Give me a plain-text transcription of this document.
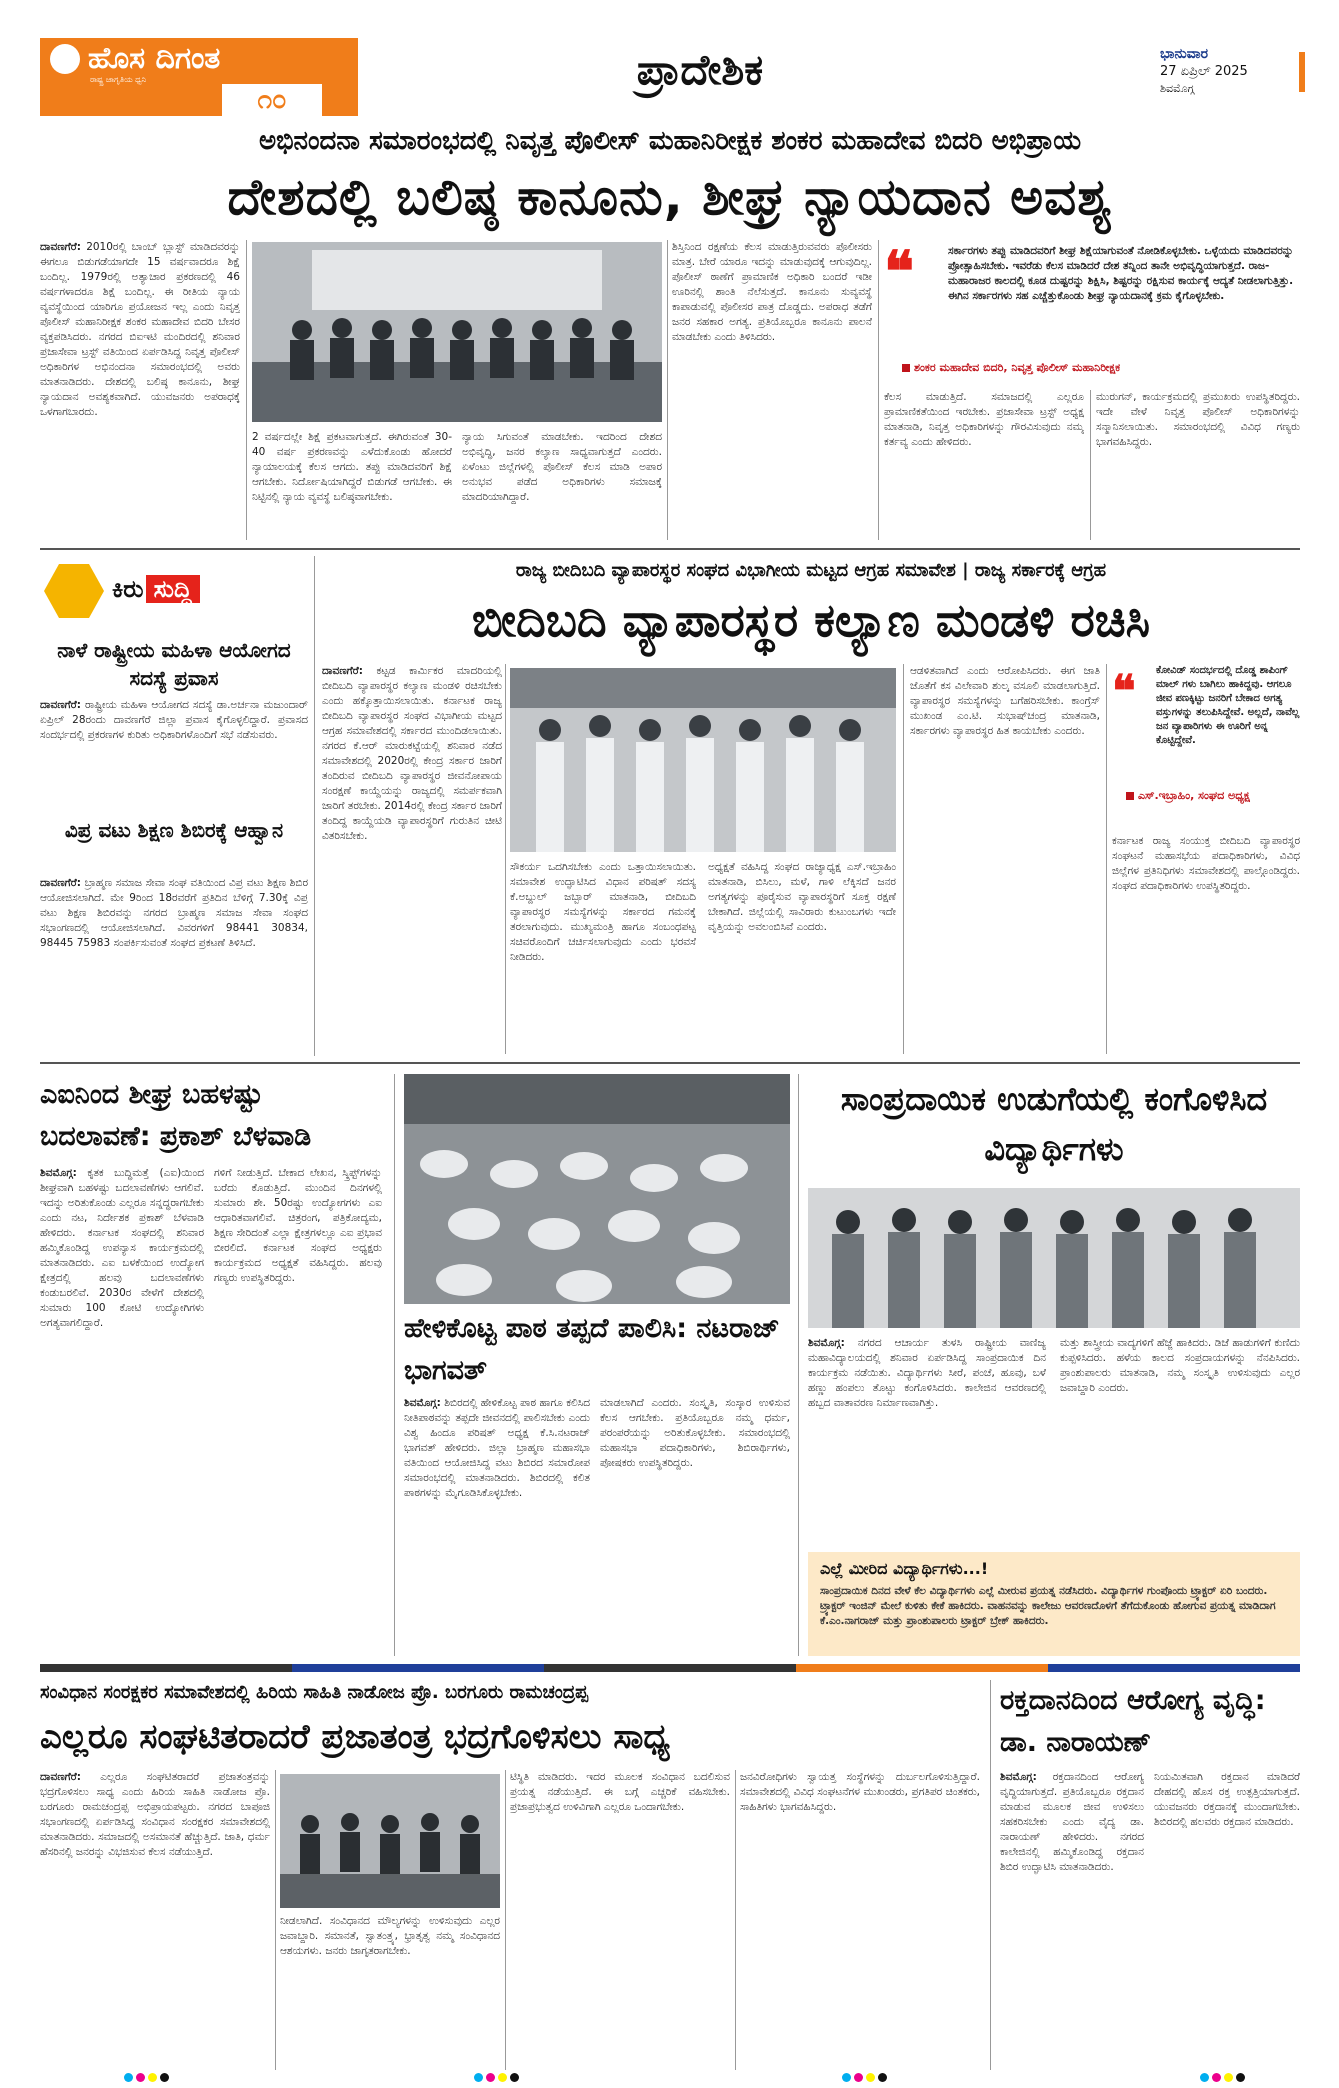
ಹೊಸ ದಿಗಂತ
ರಾಷ್ಟ್ರ ಜಾಗೃತಿಯ ಧ್ವನಿ
೧೦
ಪ್ರಾದೇಶಿಕ	ಭಾನುವಾರ
27 ಏಪ್ರಿಲ್ 2025
ಶಿವಮೊಗ್ಗ
ಅಭಿನಂದನಾ ಸಮಾರಂಭದಲ್ಲಿ ನಿವೃತ್ತ ಪೊಲೀಸ್ ಮಹಾನಿರೀಕ್ಷಕ ಶಂಕರ ಮಹಾದೇವ ಬಿದರಿ ಅಭಿಪ್ರಾಯ
ದೇಶದಲ್ಲಿ ಬಲಿಷ್ಠ ಕಾನೂನು, ಶೀಘ್ರ ನ್ಯಾಯದಾನ ಅವಶ್ಯ
ದಾವಣಗೆರೆ: 2010ರಲ್ಲಿ ಬಾಂಬ್ ಬ್ಲಾಸ್ಟ್ ಮಾಡಿದವರನ್ನು ಈಗಲೂ ಬಿಡುಗಡೆಯಾಗದೇ 15 ವರ್ಷವಾದರೂ ಶಿಕ್ಷೆ ಬಂದಿಲ್ಲ. 1979ರಲ್ಲಿ ಅತ್ಯಾಚಾರ ಪ್ರಕರಣದಲ್ಲಿ 46 ವರ್ಷಗಳಾದರೂ ಶಿಕ್ಷೆ ಬಂದಿಲ್ಲ. ಈ ರೀತಿಯ ನ್ಯಾಯ ವ್ಯವಸ್ಥೆಯಿಂದ ಯಾರಿಗೂ ಪ್ರಯೋಜನ ಇಲ್ಲ ಎಂದು ನಿವೃತ್ತ ಪೊಲೀಸ್ ಮಹಾನಿರೀಕ್ಷಕ ಶಂಕರ ಮಹಾದೇವ ಬಿದರಿ ಬೇಸರ ವ್ಯಕ್ತಪಡಿಸಿದರು. ನಗರದ ಬಿಐಇಟಿ ಮಂದಿರದಲ್ಲಿ ಶನಿವಾರ ಪ್ರಜಾಸೇವಾ ಟ್ರಸ್ಟ್ ವತಿಯಿಂದ ಏರ್ಪಡಿಸಿದ್ದ ನಿವೃತ್ತ ಪೊಲೀಸ್ ಅಧಿಕಾರಿಗಳ ಅಭಿನಂದನಾ ಸಮಾರಂಭದಲ್ಲಿ ಅವರು ಮಾತನಾಡಿದರು. ದೇಶದಲ್ಲಿ ಬಲಿಷ್ಠ ಕಾನೂನು, ಶೀಘ್ರ ನ್ಯಾಯದಾನ ಅವಶ್ಯಕವಾಗಿದೆ. ಯುವಜನರು ಅಪರಾಧಕ್ಕೆ ಒಳಗಾಗಬಾರದು.
2 ವರ್ಷದಲ್ಲೇ ಶಿಕ್ಷೆ ಪ್ರಕಟವಾಗುತ್ತದೆ. ಈಗಿರುವಂತೆ 30-40 ವರ್ಷ ಪ್ರಕರಣವನ್ನು ಎಳೆದುಕೊಂಡು ಹೋದರೆ ನ್ಯಾಯಾಲಯಕ್ಕೆ ಕೆಲಸ ಆಗದು. ತಪ್ಪು ಮಾಡಿದವರಿಗೆ ಶಿಕ್ಷೆ ಆಗಬೇಕು. ನಿರ್ದೋಷಿಯಾಗಿದ್ದರೆ ಬಿಡುಗಡೆ ಆಗಬೇಕು. ಈ ನಿಟ್ಟಿನಲ್ಲಿ ನ್ಯಾಯ ವ್ಯವಸ್ಥೆ ಬಲಿಷ್ಠವಾಗಬೇಕು.
ನ್ಯಾಯ ಸಿಗುವಂತೆ ಮಾಡಬೇಕು. ಇದರಿಂದ ದೇಶದ ಅಭಿವೃದ್ಧಿ, ಜನರ ಕಲ್ಯಾಣ ಸಾಧ್ಯವಾಗುತ್ತದೆ ಎಂದರು. ಏಳೆಂಟು ಜಿಲ್ಲೆಗಳಲ್ಲಿ ಪೊಲೀಸ್ ಕೆಲಸ ಮಾಡಿ ಅಪಾರ ಅನುಭವ ಪಡೆದ ಅಧಿಕಾರಿಗಳು ಸಮಾಜಕ್ಕೆ ಮಾದರಿಯಾಗಿದ್ದಾರೆ.
ಶಿಸ್ತಿನಿಂದ ರಕ್ಷಣೆಯ ಕೆಲಸ ಮಾಡುತ್ತಿರುವವರು ಪೊಲೀಸರು ಮಾತ್ರ. ಬೇರೆ ಯಾರೂ ಇದನ್ನು ಮಾಡುವುದಕ್ಕೆ ಆಗುವುದಿಲ್ಲ. ಪೊಲೀಸ್ ಠಾಣೆಗೆ ಪ್ರಾಮಾಣಿಕ ಅಧಿಕಾರಿ ಬಂದರೆ ಇಡೀ ಊರಿನಲ್ಲಿ ಶಾಂತಿ ನೆಲೆಸುತ್ತದೆ. ಕಾನೂನು ಸುವ್ಯವಸ್ಥೆ ಕಾಪಾಡುವಲ್ಲಿ ಪೊಲೀಸರ ಪಾತ್ರ ದೊಡ್ಡದು. ಅಪರಾಧ ತಡೆಗೆ ಜನರ ಸಹಕಾರ ಅಗತ್ಯ. ಪ್ರತಿಯೊಬ್ಬರೂ ಕಾನೂನು ಪಾಲನೆ ಮಾಡಬೇಕು ಎಂದು ತಿಳಿಸಿದರು.
❝	ಸರ್ಕಾರಗಳು ತಪ್ಪು ಮಾಡಿದವರಿಗೆ ಶೀಘ್ರ ಶಿಕ್ಷೆಯಾಗುವಂತೆ ನೋಡಿಕೊಳ್ಳಬೇಕು. ಒಳ್ಳೆಯದು ಮಾಡಿದವರನ್ನು ಪ್ರೋತ್ಸಾಹಿಸಬೇಕು. ಇವರೆಡು ಕೆಲಸ ಮಾಡಿದರೆ ದೇಶ ತನ್ನಿಂದ ತಾನೇ ಅಭಿವೃದ್ಧಿಯಾಗುತ್ತದೆ. ರಾಜ-ಮಹಾರಾಜರ ಕಾಲದಲ್ಲಿ ಕೂಡ ದುಷ್ಟರನ್ನು ಶಿಕ್ಷಿಸಿ, ಶಿಷ್ಟರನ್ನು ರಕ್ಷಿಸುವ ಕಾರ್ಯಕ್ಕೆ ಆದ್ಯತೆ ನೀಡಲಾಗುತ್ತಿತ್ತು. ಈಗಿನ ಸರ್ಕಾರಗಳು ಸಹ ಎಚ್ಚೆತ್ತುಕೊಂಡು ಶೀಘ್ರ ನ್ಯಾಯದಾನಕ್ಕೆ ಕ್ರಮ ಕೈಗೊಳ್ಳಬೇಕು.
ಶಂಕರ ಮಹಾದೇವ ಬಿದರಿ, ನಿವೃತ್ತ ಪೊಲೀಸ್ ಮಹಾನಿರೀಕ್ಷಕ
ಕೆಲಸ ಮಾಡುತ್ತಿದೆ. ಸಮಾಜದಲ್ಲಿ ಎಲ್ಲರೂ ಪ್ರಾಮಾಣಿಕತೆಯಿಂದ ಇರಬೇಕು. ಪ್ರಜಾಸೇವಾ ಟ್ರಸ್ಟ್ ಅಧ್ಯಕ್ಷ ಮಾತನಾಡಿ, ನಿವೃತ್ತ ಅಧಿಕಾರಿಗಳನ್ನು ಗೌರವಿಸುವುದು ನಮ್ಮ ಕರ್ತವ್ಯ ಎಂದು ಹೇಳಿದರು.
ಮುರುಗನ್, ಕಾರ್ಯಕ್ರಮದಲ್ಲಿ ಪ್ರಮುಖರು ಉಪಸ್ಥಿತರಿದ್ದರು. ಇದೇ ವೇಳೆ ನಿವೃತ್ತ ಪೊಲೀಸ್ ಅಧಿಕಾರಿಗಳನ್ನು ಸನ್ಮಾನಿಸಲಾಯಿತು. ಸಮಾರಂಭದಲ್ಲಿ ವಿವಿಧ ಗಣ್ಯರು ಭಾಗವಹಿಸಿದ್ದರು.
ಕಿರು ಸುದ್ದಿ
ನಾಳೆ ರಾಷ್ಟ್ರೀಯ ಮಹಿಳಾ ಆಯೋಗದ ಸದಸ್ಯೆ ಪ್ರವಾಸ
ದಾವಣಗೆರೆ: ರಾಷ್ಟ್ರೀಯ ಮಹಿಳಾ ಆಯೋಗದ ಸದಸ್ಯೆ ಡಾ.ಅರ್ಚನಾ ಮಜುಂದಾರ್ ಏಪ್ರಿಲ್ 28ರಂದು ದಾವಣಗೆರೆ ಜಿಲ್ಲಾ ಪ್ರವಾಸ ಕೈಗೊಳ್ಳಲಿದ್ದಾರೆ. ಪ್ರವಾಸದ ಸಂದರ್ಭದಲ್ಲಿ ಪ್ರಕರಣಗಳ ಕುರಿತು ಅಧಿಕಾರಿಗಳೊಂದಿಗೆ ಸಭೆ ನಡೆಸುವರು.
ವಿಪ್ರ ವಟು ಶಿಕ್ಷಣ ಶಿಬಿರಕ್ಕೆ ಆಹ್ವಾನ
ದಾವಣಗೆರೆ: ಬ್ರಾಹ್ಮಣ ಸಮಾಜ ಸೇವಾ ಸಂಘ ವತಿಯಿಂದ ವಿಪ್ರ ವಟು ಶಿಕ್ಷಣ ಶಿಬಿರ ಆಯೋಜಿಸಲಾಗಿದೆ. ಮೇ 9ರಿಂದ 18ರವರೆಗೆ ಪ್ರತಿದಿನ ಬೆಳಿಗ್ಗೆ 7.30ಕ್ಕೆ ವಿಪ್ರ ವಟು ಶಿಕ್ಷಣ ಶಿಬಿರವನ್ನು ನಗರದ ಬ್ರಾಹ್ಮಣ ಸಮಾಜ ಸೇವಾ ಸಂಘದ ಸಭಾಂಗಣದಲ್ಲಿ ಆಯೋಜಿಸಲಾಗಿದೆ. ವಿವರಗಳಿಗೆ 98441 30834, 98445 75983 ಸಂಪರ್ಕಿಸುವಂತೆ ಸಂಘದ ಪ್ರಕಟಣೆ ತಿಳಿಸಿದೆ.
ರಾಜ್ಯ ಬೀದಿಬದಿ ವ್ಯಾಪಾರಸ್ಥರ ಸಂಘದ ವಿಭಾಗೀಯ ಮಟ್ಟದ ಆಗ್ರಹ ಸಮಾವೇಶ | ರಾಜ್ಯ ಸರ್ಕಾರಕ್ಕೆ ಆಗ್ರಹ
ಬೀದಿಬದಿ ವ್ಯಾಪಾರಸ್ಥರ ಕಲ್ಯಾಣ ಮಂಡಳಿ ರಚಿಸಿ
ದಾವಣಗೆರೆ: ಕಟ್ಟಡ ಕಾರ್ಮಿಕರ ಮಾದರಿಯಲ್ಲಿ ಬೀದಿಬದಿ ವ್ಯಾಪಾರಸ್ಥರ ಕಲ್ಯಾಣ ಮಂಡಳಿ ರಚಿಸಬೇಕು ಎಂದು ಹಕ್ಕೊತ್ತಾಯಿಸಲಾಯಿತು. ಕರ್ನಾಟಕ ರಾಜ್ಯ ಬೀದಿಬದಿ ವ್ಯಾಪಾರಸ್ಥರ ಸಂಘದ ವಿಭಾಗೀಯ ಮಟ್ಟದ ಆಗ್ರಹ ಸಮಾವೇಶದಲ್ಲಿ ಸರ್ಕಾರದ ಮುಂದಿಡಲಾಯಿತು. ನಗರದ ಕೆ.ಆರ್ ಮಾರುಕಟ್ಟೆಯಲ್ಲಿ ಶನಿವಾರ ನಡೆದ ಸಮಾವೇಶದಲ್ಲಿ 2020ರಲ್ಲಿ ಕೇಂದ್ರ ಸರ್ಕಾರ ಜಾರಿಗೆ ತಂದಿರುವ ಬೀದಿಬದಿ ವ್ಯಾಪಾರಸ್ಥರ ಜೀವನೋಪಾಯ ಸಂರಕ್ಷಣೆ ಕಾಯ್ದೆಯನ್ನು ರಾಜ್ಯದಲ್ಲಿ ಸಮರ್ಪಕವಾಗಿ ಜಾರಿಗೆ ತರಬೇಕು. 2014ರಲ್ಲಿ ಕೇಂದ್ರ ಸರ್ಕಾರ ಜಾರಿಗೆ ತಂದಿದ್ದ ಕಾಯ್ದೆಯಡಿ ವ್ಯಾಪಾರಸ್ಥರಿಗೆ ಗುರುತಿನ ಚೀಟಿ ವಿತರಿಸಬೇಕು.
ಸೌಕರ್ಯ ಒದಗಿಸಬೇಕು ಎಂದು ಒತ್ತಾಯಿಸಲಾಯಿತು. ಸಮಾವೇಶ ಉದ್ಘಾಟಿಸಿದ ವಿಧಾನ ಪರಿಷತ್ ಸದಸ್ಯ ಕೆ.ಅಬ್ದುಲ್ ಜಬ್ಬಾರ್ ಮಾತನಾಡಿ, ಬೀದಿಬದಿ ವ್ಯಾಪಾರಸ್ಥರ ಸಮಸ್ಯೆಗಳನ್ನು ಸರ್ಕಾರದ ಗಮನಕ್ಕೆ ತರಲಾಗುವುದು. ಮುಖ್ಯಮಂತ್ರಿ ಹಾಗೂ ಸಂಬಂಧಪಟ್ಟ ಸಚಿವರೊಂದಿಗೆ ಚರ್ಚಿಸಲಾಗುವುದು ಎಂದು ಭರವಸೆ ನೀಡಿದರು.
ಅಧ್ಯಕ್ಷತೆ ವಹಿಸಿದ್ದ ಸಂಘದ ರಾಜ್ಯಾಧ್ಯಕ್ಷ ಎಸ್.ಇಬ್ರಾಹಿಂ ಮಾತನಾಡಿ, ಬಿಸಿಲು, ಮಳೆ, ಗಾಳಿ ಲೆಕ್ಕಿಸದೆ ಜನರ ಅಗತ್ಯಗಳನ್ನು ಪೂರೈಸುವ ವ್ಯಾಪಾರಸ್ಥರಿಗೆ ಸೂಕ್ತ ರಕ್ಷಣೆ ಬೇಕಾಗಿದೆ. ಜಿಲ್ಲೆಯಲ್ಲಿ ಸಾವಿರಾರು ಕುಟುಂಬಗಳು ಇದೇ ವೃತ್ತಿಯನ್ನು ಅವಲಂಬಿಸಿವೆ ಎಂದರು.
ಆಡಳಿತವಾಗಿದೆ ಎಂದು ಆರೋಪಿಸಿದರು. ಈಗ ಜಾತಿ ಜೊತೆಗೆ ಕಸ ವಿಲೇವಾರಿ ಶುಲ್ಕ ವಸೂಲಿ ಮಾಡಲಾಗುತ್ತಿದೆ. ವ್ಯಾಪಾರಸ್ಥರ ಸಮಸ್ಯೆಗಳನ್ನು ಬಗೆಹರಿಸಬೇಕು. ಕಾಂಗ್ರೆಸ್ ಮುಖಂಡ ಎಂ.ಟಿ. ಸುಭಾಷ್‌ಚಂದ್ರ ಮಾತನಾಡಿ, ಸರ್ಕಾರಗಳು ವ್ಯಾಪಾರಸ್ಥರ ಹಿತ ಕಾಯಬೇಕು ಎಂದರು.
❝ ಕೋವಿಡ್ ಸಂದರ್ಭದಲ್ಲಿ ದೊಡ್ಡ ಶಾಪಿಂಗ್ ಮಾಲ್ ಗಳು ಬಾಗಿಲು ಹಾಕಿದ್ದವು. ಆಗಲೂ ಜೀವ ಪಣಕ್ಕಿಟ್ಟು ಜನರಿಗೆ ಬೇಕಾದ ಅಗತ್ಯ ವಸ್ತುಗಳನ್ನು ತಲುಪಿಸಿದ್ದೇವೆ. ಅಲ್ಲದೆ, ನಾವೆಲ್ಲ ಜನ ವ್ಯಾಪಾರಿಗಳು ಈ ಊರಿಗೆ ಅನ್ನ ಕೊಟ್ಟಿದ್ದೇವೆ.
ಎಸ್.ಇಬ್ರಾಹಿಂ, ಸಂಘದ ಅಧ್ಯಕ್ಷ
ಕರ್ನಾಟಕ ರಾಜ್ಯ ಸಂಯುಕ್ತ ಬೀದಿಬದಿ ವ್ಯಾಪಾರಸ್ಥರ ಸಂಘಟನೆ ಮಹಾಸಭೆಯ ಪದಾಧಿಕಾರಿಗಳು, ವಿವಿಧ ಜಿಲ್ಲೆಗಳ ಪ್ರತಿನಿಧಿಗಳು ಸಮಾವೇಶದಲ್ಲಿ ಪಾಲ್ಗೊಂಡಿದ್ದರು. ಸಂಘದ ಪದಾಧಿಕಾರಿಗಳು ಉಪಸ್ಥಿತರಿದ್ದರು.
ಎಐನಿಂದ ಶೀಘ್ರ ಬಹಳಷ್ಟು ಬದಲಾವಣೆ: ಪ್ರಕಾಶ್ ಬೆಳವಾಡಿ
ಶಿವಮೊಗ್ಗ: ಕೃತಕ ಬುದ್ಧಿಮತ್ತೆ (ಎಐ)ಯಿಂದ ಶೀಘ್ರವಾಗಿ ಬಹಳಷ್ಟು ಬದಲಾವಣೆಗಳು ಆಗಲಿವೆ. ಇದನ್ನು ಅರಿತುಕೊಂಡು ಎಲ್ಲರೂ ಸನ್ನದ್ಧರಾಗಬೇಕು ಎಂದು ನಟ, ನಿರ್ದೇಶಕ ಪ್ರಕಾಶ್ ಬೆಳವಾಡಿ ಹೇಳಿದರು. ಕರ್ನಾಟಕ ಸಂಘದಲ್ಲಿ ಶನಿವಾರ ಹಮ್ಮಿಕೊಂಡಿದ್ದ ಉಪನ್ಯಾಸ ಕಾರ್ಯಕ್ರಮದಲ್ಲಿ ಮಾತನಾಡಿದರು. ಎಐ ಬಳಕೆಯಿಂದ ಉದ್ಯೋಗ ಕ್ಷೇತ್ರದಲ್ಲಿ ಹಲವು ಬದಲಾವಣೆಗಳು ಕಂಡುಬರಲಿವೆ. 2030ರ ವೇಳೆಗೆ ದೇಶದಲ್ಲಿ ಸುಮಾರು 100 ಕೋಟಿ ಉದ್ಯೋಗಿಗಳು ಅಗತ್ಯವಾಗಲಿದ್ದಾರೆ.
ಗಳಿಗೆ ನೀಡುತ್ತಿದೆ. ಬೇಕಾದ ಲೇಖನ, ಸ್ಕ್ರಿಪ್ಟ್‌ಗಳನ್ನು ಬರೆದು ಕೊಡುತ್ತಿದೆ. ಮುಂದಿನ ದಿನಗಳಲ್ಲಿ ಸುಮಾರು ಶೇ. 50ರಷ್ಟು ಉದ್ಯೋಗಗಳು ಎಐ ಆಧಾರಿತವಾಗಲಿವೆ. ಚಿತ್ರರಂಗ, ಪತ್ರಿಕೋದ್ಯಮ, ಶಿಕ್ಷಣ ಸೇರಿದಂತೆ ಎಲ್ಲಾ ಕ್ಷೇತ್ರಗಳಲ್ಲೂ ಎಐ ಪ್ರಭಾವ ಬೀರಲಿದೆ. ಕರ್ನಾಟಕ ಸಂಘದ ಅಧ್ಯಕ್ಷರು ಕಾರ್ಯಕ್ರಮದ ಅಧ್ಯಕ್ಷತೆ ವಹಿಸಿದ್ದರು. ಹಲವು ಗಣ್ಯರು ಉಪಸ್ಥಿತರಿದ್ದರು.
ಹೇಳಿಕೊಟ್ಟ ಪಾಠ ತಪ್ಪದೆ ಪಾಲಿಸಿ: ನಟರಾಜ್ ಭಾಗವತ್
ಶಿವಮೊಗ್ಗ: ಶಿಬಿರದಲ್ಲಿ ಹೇಳಿಕೊಟ್ಟ ಪಾಠ ಹಾಗೂ ಕಲಿಸಿದ ನೀತಿಪಾಠವನ್ನು ತಪ್ಪದೇ ಜೀವನದಲ್ಲಿ ಪಾಲಿಸಬೇಕು ಎಂದು ವಿಶ್ವ ಹಿಂದೂ ಪರಿಷತ್ ಅಧ್ಯಕ್ಷ ಕೆ.ಸಿ.ನಟರಾಜ್ ಭಾಗವತ್ ಹೇಳಿದರು. ಜಿಲ್ಲಾ ಬ್ರಾಹ್ಮಣ ಮಹಾಸಭಾ ವತಿಯಿಂದ ಆಯೋಜಿಸಿದ್ದ ವಟು ಶಿಬಿರದ ಸಮಾರೋಪ ಸಮಾರಂಭದಲ್ಲಿ ಮಾತನಾಡಿದರು. ಶಿಬಿರದಲ್ಲಿ ಕಲಿತ ಪಾಠಗಳನ್ನು ಮೈಗೂಡಿಸಿಕೊಳ್ಳಬೇಕು.
ಮಾಡಲಾಗಿದೆ ಎಂದರು. ಸಂಸ್ಕೃತಿ, ಸಂಸ್ಕಾರ ಉಳಿಸುವ ಕೆಲಸ ಆಗಬೇಕು. ಪ್ರತಿಯೊಬ್ಬರೂ ನಮ್ಮ ಧರ್ಮ, ಪರಂಪರೆಯನ್ನು ಅರಿತುಕೊಳ್ಳಬೇಕು. ಸಮಾರಂಭದಲ್ಲಿ ಮಹಾಸಭಾ ಪದಾಧಿಕಾರಿಗಳು, ಶಿಬಿರಾರ್ಥಿಗಳು, ಪೋಷಕರು ಉಪಸ್ಥಿತರಿದ್ದರು.
ಸಾಂಪ್ರದಾಯಿಕ ಉಡುಗೆಯಲ್ಲಿ ಕಂಗೊಳಿಸಿದ ವಿದ್ಯಾರ್ಥಿಗಳು
ಶಿವಮೊಗ್ಗ: ನಗರದ ಆಚಾರ್ಯ ತುಳಸಿ ರಾಷ್ಟ್ರೀಯ ವಾಣಿಜ್ಯ ಮಹಾವಿದ್ಯಾಲಯದಲ್ಲಿ ಶನಿವಾರ ಏರ್ಪಡಿಸಿದ್ದ ಸಾಂಪ್ರದಾಯಿಕ ದಿನ ಕಾರ್ಯಕ್ರಮ ನಡೆಯಿತು. ವಿದ್ಯಾರ್ಥಿಗಳು ಸೀರೆ, ಪಂಚೆ, ಹೂವು, ಬಳೆ ಹಣ್ಣು ಹಂಪಲು ತೊಟ್ಟು ಕಂಗೊಳಿಸಿದರು. ಕಾಲೇಜಿನ ಆವರಣದಲ್ಲಿ ಹಬ್ಬದ ವಾತಾವರಣ ನಿರ್ಮಾಣವಾಗಿತ್ತು.
ಮತ್ತು ಶಾಸ್ತ್ರೀಯ ವಾದ್ಯಗಳಿಗೆ ಹೆಜ್ಜೆ ಹಾಕಿದರು. ಡಿಜೆ ಹಾಡುಗಳಿಗೆ ಕುಣಿದು ಕುಪ್ಪಳಿಸಿದರು. ಹಳೆಯ ಕಾಲದ ಸಂಪ್ರದಾಯಗಳನ್ನು ನೆನಪಿಸಿದರು. ಪ್ರಾಂಶುಪಾಲರು ಮಾತನಾಡಿ, ನಮ್ಮ ಸಂಸ್ಕೃತಿ ಉಳಿಸುವುದು ಎಲ್ಲರ ಜವಾಬ್ದಾರಿ ಎಂದರು.
ಎಲ್ಲೆ ಮೀರಿದ ವಿದ್ಯಾರ್ಥಿಗಳು...!
ಸಾಂಪ್ರದಾಯಿಕ ದಿನದ ವೇಳೆ ಕೆಲ ವಿದ್ಯಾರ್ಥಿಗಳು ಎಲ್ಲೆ ಮೀರುವ ಪ್ರಯತ್ನ ನಡೆಸಿದರು. ವಿದ್ಯಾರ್ಥಿಗಳ ಗುಂಪೊಂದು ಟ್ರ್ಯಾಕ್ಟರ್ ಏರಿ ಬಂದರು. ಟ್ರ್ಯಾಕ್ಟರ್ ಇಂಜಿನ್ ಮೇಲೆ ಕುಳಿತು ಕೇಕೆ ಹಾಕಿದರು. ವಾಹನವನ್ನು ಕಾಲೇಜು ಆವರಣದೊಳಗೆ ತೆಗೆದುಕೊಂಡು ಹೋಗುವ ಪ್ರಯತ್ನ ಮಾಡಿದಾಗ ಕೆ.ಎಂ.ನಾಗರಾಜ್ ಮತ್ತು ಪ್ರಾಂಶುಪಾಲರು ಟ್ರಾಕ್ಟರ್ ಬ್ರೇಕ್ ಹಾಕಿದರು.
ಸಂವಿಧಾನ ಸಂರಕ್ಷಕರ ಸಮಾವೇಶದಲ್ಲಿ ಹಿರಿಯ ಸಾಹಿತಿ ನಾಡೋಜ ಪ್ರೊ. ಬರಗೂರು ರಾಮಚಂದ್ರಪ್ಪ
ಎಲ್ಲರೂ ಸಂಘಟಿತರಾದರೆ ಪ್ರಜಾತಂತ್ರ ಭದ್ರಗೊಳಿಸಲು ಸಾಧ್ಯ
ದಾವಣಗೆರೆ: ಎಲ್ಲರೂ ಸಂಘಟಿತರಾದರೆ ಪ್ರಜಾತಂತ್ರವನ್ನು ಭದ್ರಗೊಳಿಸಲು ಸಾಧ್ಯ ಎಂದು ಹಿರಿಯ ಸಾಹಿತಿ ನಾಡೋಜ ಪ್ರೊ. ಬರಗೂರು ರಾಮಚಂದ್ರಪ್ಪ ಅಭಿಪ್ರಾಯಪಟ್ಟರು. ನಗರದ ಬಾಪೂಜಿ ಸಭಾಂಗಣದಲ್ಲಿ ಏರ್ಪಡಿಸಿದ್ದ ಸಂವಿಧಾನ ಸಂರಕ್ಷಕರ ಸಮಾವೇಶದಲ್ಲಿ ಮಾತನಾಡಿದರು. ಸಮಾಜದಲ್ಲಿ ಅಸಮಾನತೆ ಹೆಚ್ಚುತ್ತಿದೆ. ಜಾತಿ, ಧರ್ಮ ಹೆಸರಿನಲ್ಲಿ ಜನರನ್ನು ವಿಭಜಿಸುವ ಕೆಲಸ ನಡೆಯುತ್ತಿದೆ.
ನೀಡಲಾಗಿದೆ. ಸಂವಿಧಾನದ ಮೌಲ್ಯಗಳನ್ನು ಉಳಿಸುವುದು ಎಲ್ಲರ ಜವಾಬ್ದಾರಿ. ಸಮಾನತೆ, ಸ್ವಾತಂತ್ರ್ಯ, ಭ್ರಾತೃತ್ವ ನಮ್ಮ ಸಂವಿಧಾನದ ಆಶಯಗಳು. ಜನರು ಜಾಗೃತರಾಗಬೇಕು.
ಟಿಸ್ಥಿತಿ ಮಾಡಿದರು. ಇದರ ಮೂಲಕ ಸಂವಿಧಾನ ಬದಲಿಸುವ ಪ್ರಯತ್ನ ನಡೆಯುತ್ತಿದೆ. ಈ ಬಗ್ಗೆ ಎಚ್ಚರಿಕೆ ವಹಿಸಬೇಕು. ಪ್ರಜಾಪ್ರಭುತ್ವದ ಉಳಿವಿಗಾಗಿ ಎಲ್ಲರೂ ಒಂದಾಗಬೇಕು.
ಜನವಿರೋಧಿಗಳು ಸ್ವಾಯತ್ತ ಸಂಸ್ಥೆಗಳನ್ನು ದುರ್ಬಲಗೊಳಿಸುತ್ತಿದ್ದಾರೆ. ಸಮಾವೇಶದಲ್ಲಿ ವಿವಿಧ ಸಂಘಟನೆಗಳ ಮುಖಂಡರು, ಪ್ರಗತಿಪರ ಚಿಂತಕರು, ಸಾಹಿತಿಗಳು ಭಾಗವಹಿಸಿದ್ದರು.
ರಕ್ತದಾನದಿಂದ ಆರೋಗ್ಯ ವೃದ್ಧಿ: ಡಾ. ನಾರಾಯಣ್
ಶಿವಮೊಗ್ಗ: ರಕ್ತದಾನದಿಂದ ಆರೋಗ್ಯ ವೃದ್ಧಿಯಾಗುತ್ತದೆ. ಪ್ರತಿಯೊಬ್ಬರೂ ರಕ್ತದಾನ ಮಾಡುವ ಮೂಲಕ ಜೀವ ಉಳಿಸಲು ಸಹಕರಿಸಬೇಕು ಎಂದು ವೈದ್ಯ ಡಾ. ನಾರಾಯಣ್ ಹೇಳಿದರು. ನಗರದ ಕಾಲೇಜಿನಲ್ಲಿ ಹಮ್ಮಿಕೊಂಡಿದ್ದ ರಕ್ತದಾನ ಶಿಬಿರ ಉದ್ಘಾಟಿಸಿ ಮಾತನಾಡಿದರು.
ನಿಯಮಿತವಾಗಿ ರಕ್ತದಾನ ಮಾಡಿದರೆ ದೇಹದಲ್ಲಿ ಹೊಸ ರಕ್ತ ಉತ್ಪತ್ತಿಯಾಗುತ್ತದೆ. ಯುವಜನರು ರಕ್ತದಾನಕ್ಕೆ ಮುಂದಾಗಬೇಕು. ಶಿಬಿರದಲ್ಲಿ ಹಲವರು ರಕ್ತದಾನ ಮಾಡಿದರು.
